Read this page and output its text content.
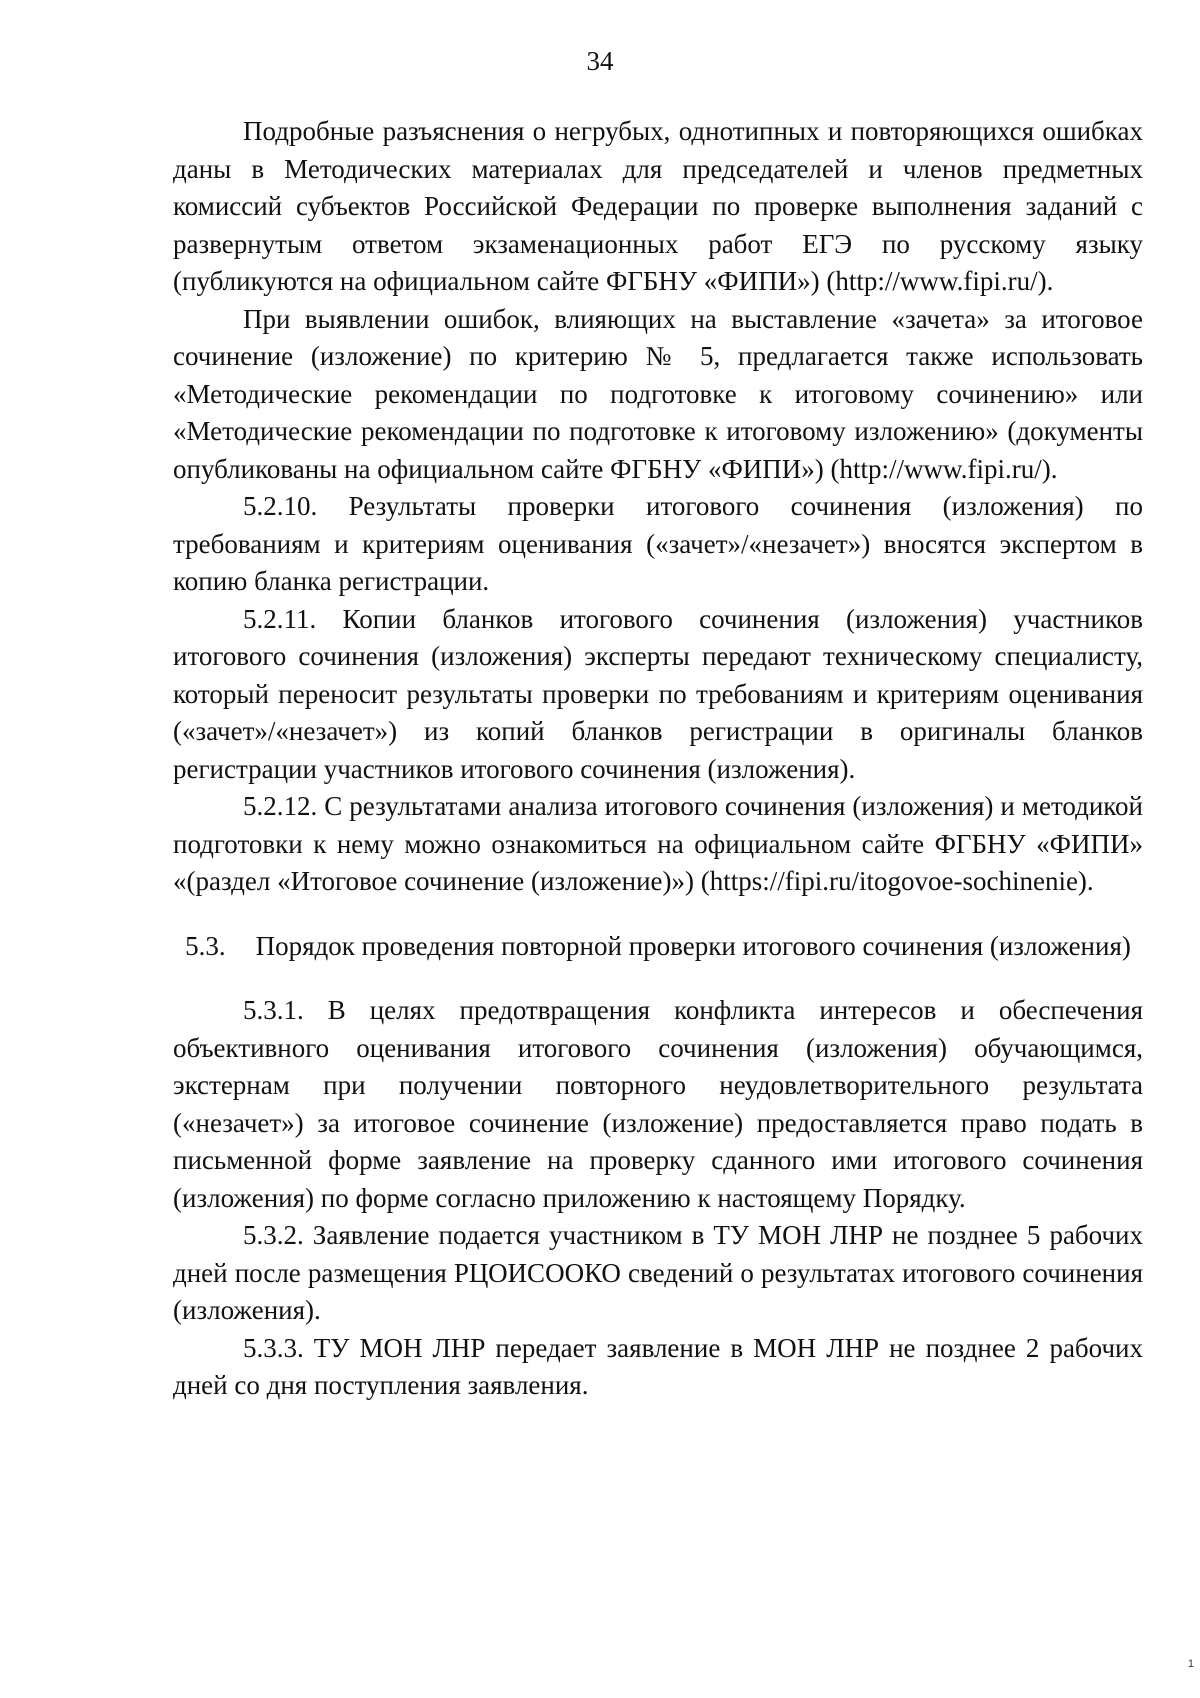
34

Подробные разъяснения о негрубых, однотипных и повторяющихся ошибках даны в Методических материалах для председателей и членов предметных комиссий субъектов Российской Федерации по проверке выполнения заданий с развернутым ответом экзаменационных работ ЕГЭ по русскому языку (публикуются на официальном сайте ФГБНУ «ФИПИ») (http://www.fipi.ru/).

При выявлении ошибок, влияющих на выставление «зачета» за итоговое сочинение (изложение) по критерию № 5, предлагается также использовать «Методические рекомендации по подготовке к итоговому сочинению» или «Методические рекомендации по подготовке к итоговому изложению» (документы опубликованы на официальном сайте ФГБНУ «ФИПИ») (http://www.fipi.ru/).

5.2.10. Результаты проверки итогового сочинения (изложения) по требованиям и критериям оценивания («зачет»/«незачет») вносятся экспертом в копию бланка регистрации.

5.2.11. Копии бланков итогового сочинения (изложения) участников итогового сочинения (изложения) эксперты передают техническому специалисту, который переносит результаты проверки по требованиям и критериям оценивания («зачет»/«незачет») из копий бланков регистрации в оригиналы бланков регистрации участников итогового сочинения (изложения).

5.2.12. С результатами анализа итогового сочинения (изложения) и методикой подготовки к нему можно ознакомиться на официальном сайте ФГБНУ «ФИПИ» «(раздел «Итоговое сочинение (изложение)») (https://fipi.ru/itogovoe-sochinenie).

5.3. Порядок проведения повторной проверки итогового сочинения (изложения)

5.3.1. В целях предотвращения конфликта интересов и обеспечения объективного оценивания итогового сочинения (изложения) обучающимся, экстернам при получении повторного неудовлетворительного результата («незачет») за итоговое сочинение (изложение) предоставляется право подать в письменной форме заявление на проверку сданного ими итогового сочинения (изложения) по форме согласно приложению к настоящему Порядку.

5.3.2. Заявление подается участником в ТУ МОН ЛНР не позднее 5 рабочих дней после размещения РЦОИСООКО сведений о результатах итогового сочинения (изложения).

5.3.3. ТУ МОН ЛНР передает заявление в МОН ЛНР не позднее 2 рабочих дней со дня поступления заявления.

1
